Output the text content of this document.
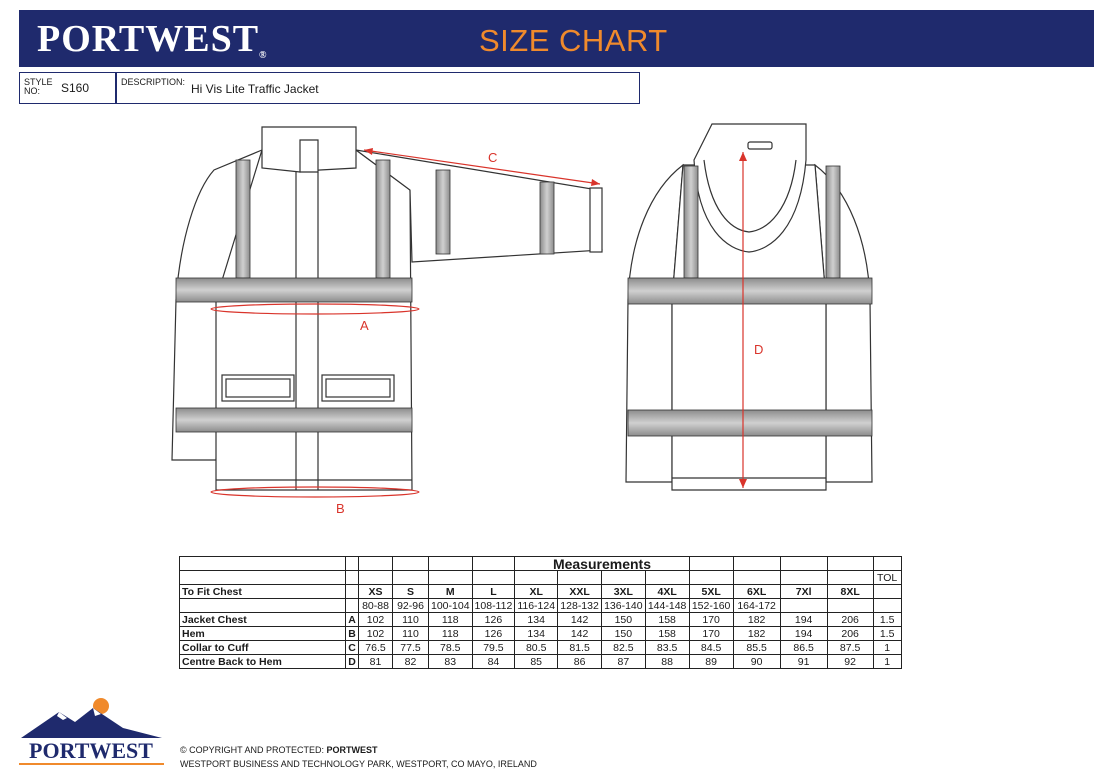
PORTWEST®	SIZE CHART
STYLE
NO:	S160	DESCRIPTION: Hi Vis Lite Traffic Jacket
A
B
C
D
						Measurements								
														TOL
To Fit Chest		XS	S	M	L	XL	XXL	3XL	4XL	5XL	6XL	7Xl	8XL	
		80-88	92-96	100-104	108-112	116-124	128-132	136-140	144-148	152-160	164-172			
Jacket Chest	A	102	110	118	126	134	142	150	158	170	182	194	206	1.5
Hem	B	102	110	118	126	134	142	150	158	170	182	194	206	1.5
Collar to Cuff	C	76.5	77.5	78.5	79.5	80.5	81.5	82.5	83.5	84.5	85.5	86.5	87.5	1
Centre Back to Hem	D	81	82	83	84	85	86	87	88	89	90	91	92	1
PORTWEST	© COPYRIGHT AND PROTECTED: PORTWEST
WESTPORT BUSINESS AND TECHNOLOGY PARK, WESTPORT, CO MAYO, IRELAND
